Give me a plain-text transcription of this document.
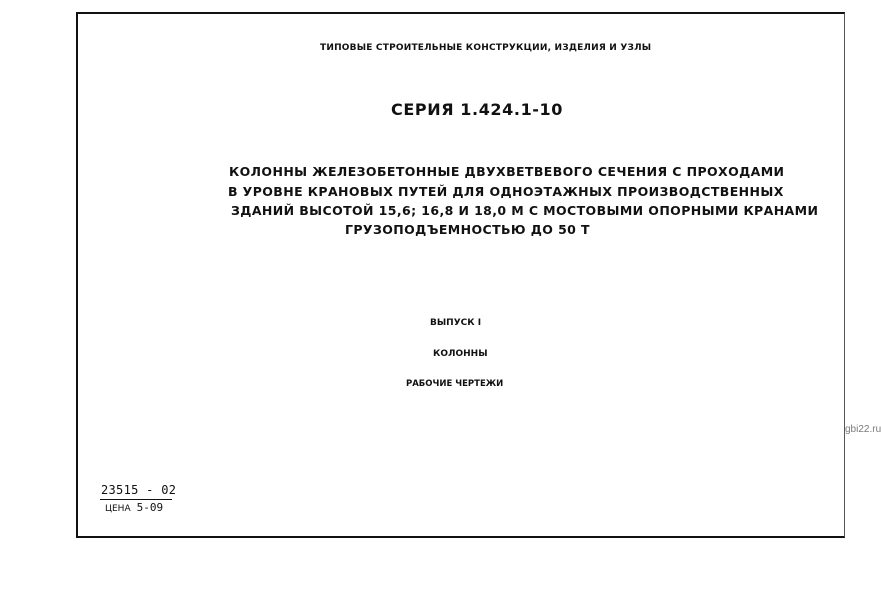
ТИПОВЫЕ СТРОИТЕЛЬНЫЕ КОНСТРУКЦИИ, ИЗДЕЛИЯ И УЗЛЫ
СЕРИЯ 1.424.1-10
КОЛОННЫ ЖЕЛЕЗОБЕТОННЫЕ ДВУХВЕТВЕВОГО СЕЧЕНИЯ С ПРОХОДАМИ
В УРОВНЕ КРАНОВЫХ ПУТЕЙ ДЛЯ ОДНОЭТАЖНЫХ ПРОИЗВОДСТВЕННЫХ
ЗДАНИЙ ВЫСОТОЙ 15,6; 16,8 И 18,0 М С МОСТОВЫМИ ОПОРНЫМИ КРАНАМИ
ГРУЗОПОДЪЕМНОСТЬЮ ДО 50 Т
ВЫПУСК I
КОЛОННЫ
РАБОЧИЕ ЧЕРТЕЖИ
23515 - 02
ЦЕНА 5-09
gbi22.ru
